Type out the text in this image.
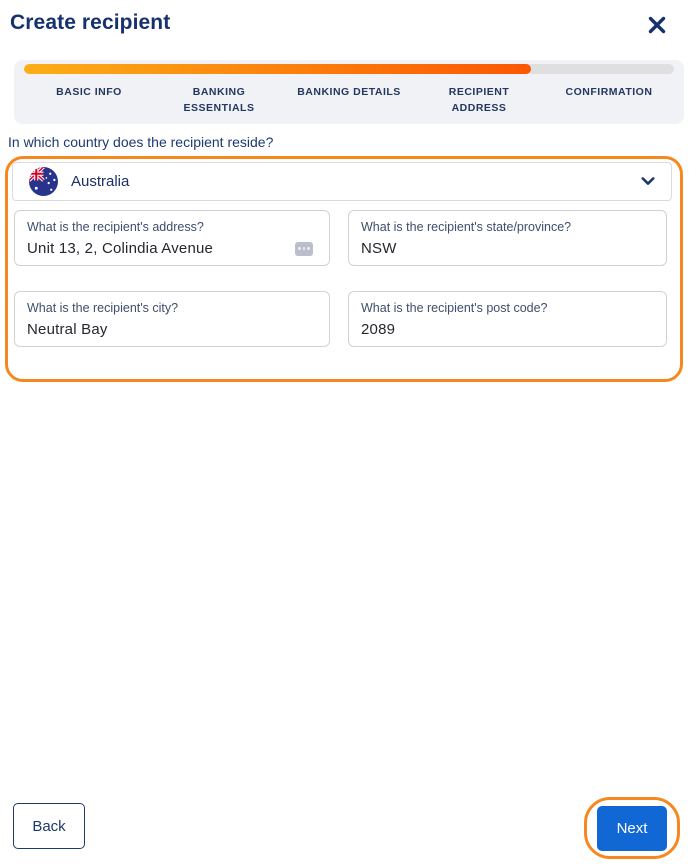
Create recipient
BASIC INFO	BANKING ESSENTIALS
BANKING DETAILS	RECIPIENT ADDRESS
CONFIRMATION
In which country does the recipient reside?
Australia
What is the recipient's address?
Unit 13, 2, Colindia Avenue
What is the recipient's state/province?
NSW
What is the recipient's city?
Neutral Bay
What is the recipient's post code?
2089
Back	Next
